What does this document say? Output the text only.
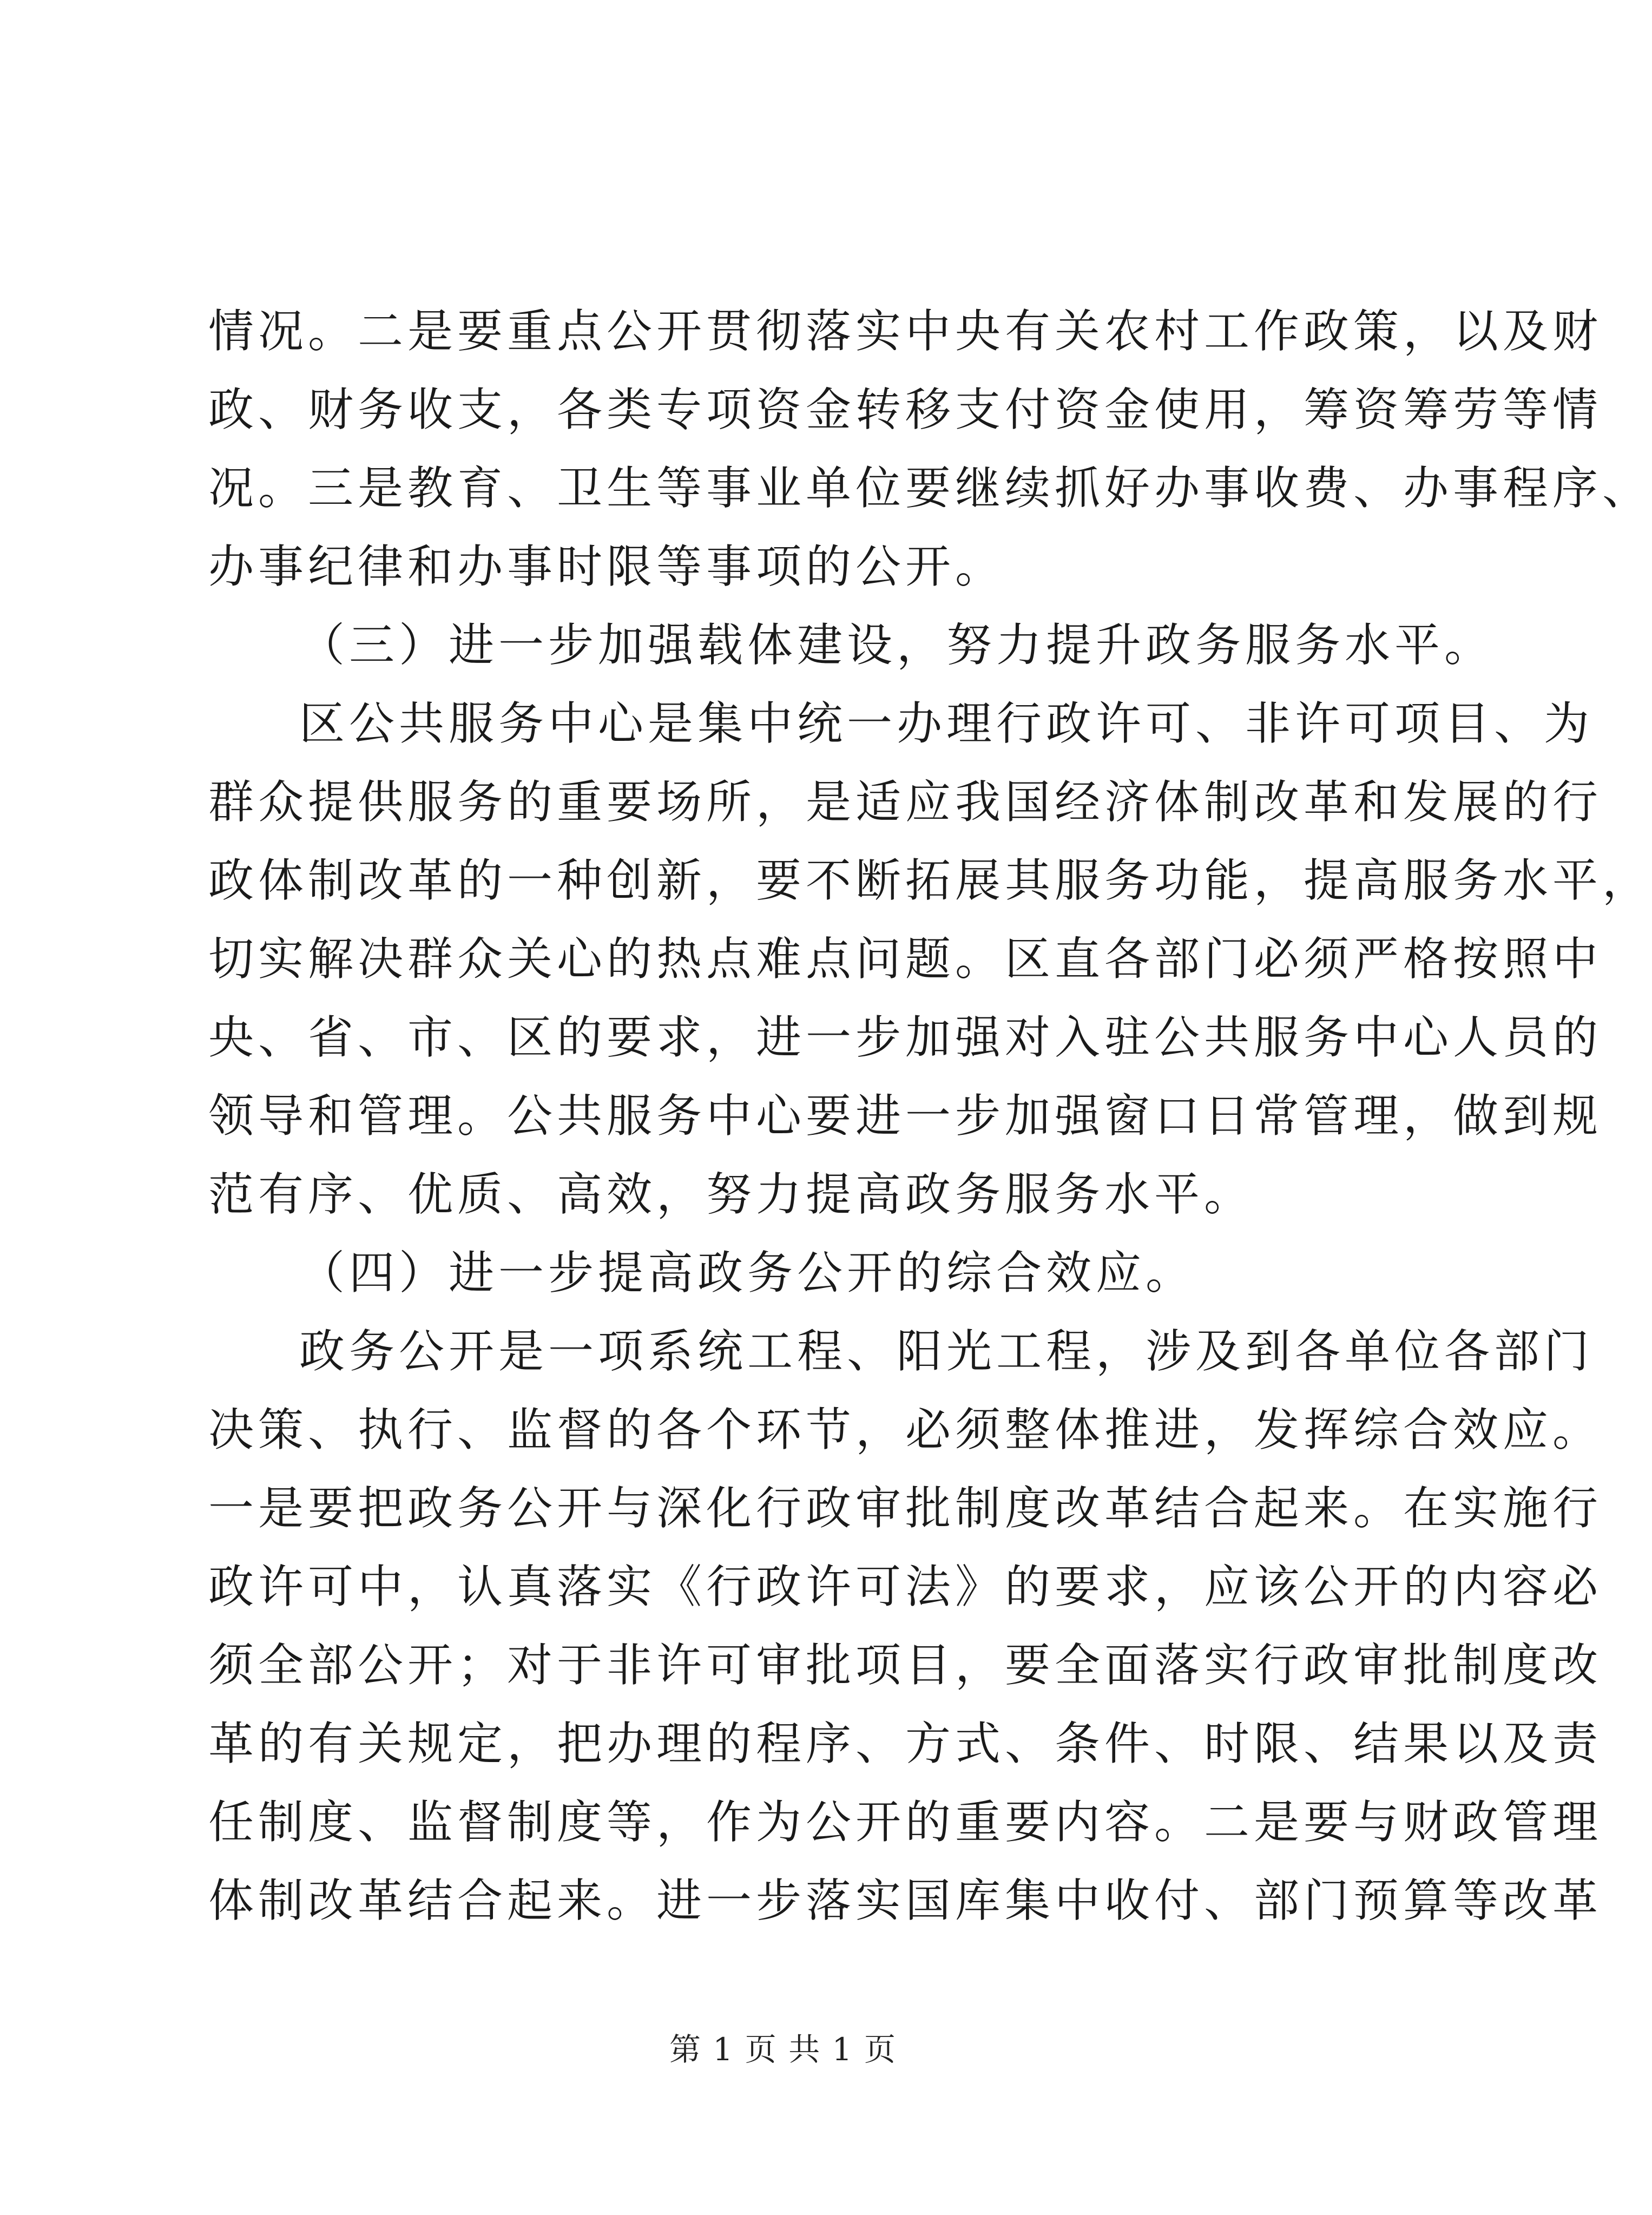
情况。二是要重点公开贯彻落实中央有关农村工作政策，以及财
政、财务收支，各类专项资金转移支付资金使用，筹资筹劳等情
况。三是教育、卫生等事业单位要继续抓好办事收费、办事程序、
办事纪律和办事时限等事项的公开。
（三）进一步加强载体建设，努力提升政务服务水平。
区公共服务中心是集中统一办理行政许可、非许可项目、为
群众提供服务的重要场所，是适应我国经济体制改革和发展的行
政体制改革的一种创新，要不断拓展其服务功能，提高服务水平，
切实解决群众关心的热点难点问题。区直各部门必须严格按照中
央、省、市、区的要求，进一步加强对入驻公共服务中心人员的
领导和管理。公共服务中心要进一步加强窗口日常管理，做到规
范有序、优质、高效，努力提高政务服务水平。
（四）进一步提高政务公开的综合效应。
政务公开是一项系统工程、阳光工程，涉及到各单位各部门
决策、执行、监督的各个环节，必须整体推进，发挥综合效应。
一是要把政务公开与深化行政审批制度改革结合起来。在实施行
政许可中，认真落实《行政许可法》的要求，应该公开的内容必
须全部公开；对于非许可审批项目，要全面落实行政审批制度改
革的有关规定，把办理的程序、方式、条件、时限、结果以及责
任制度、监督制度等，作为公开的重要内容。二是要与财政管理
体制改革结合起来。进一步落实国库集中收付、部门预算等改革
第 1 页 共 1 页
